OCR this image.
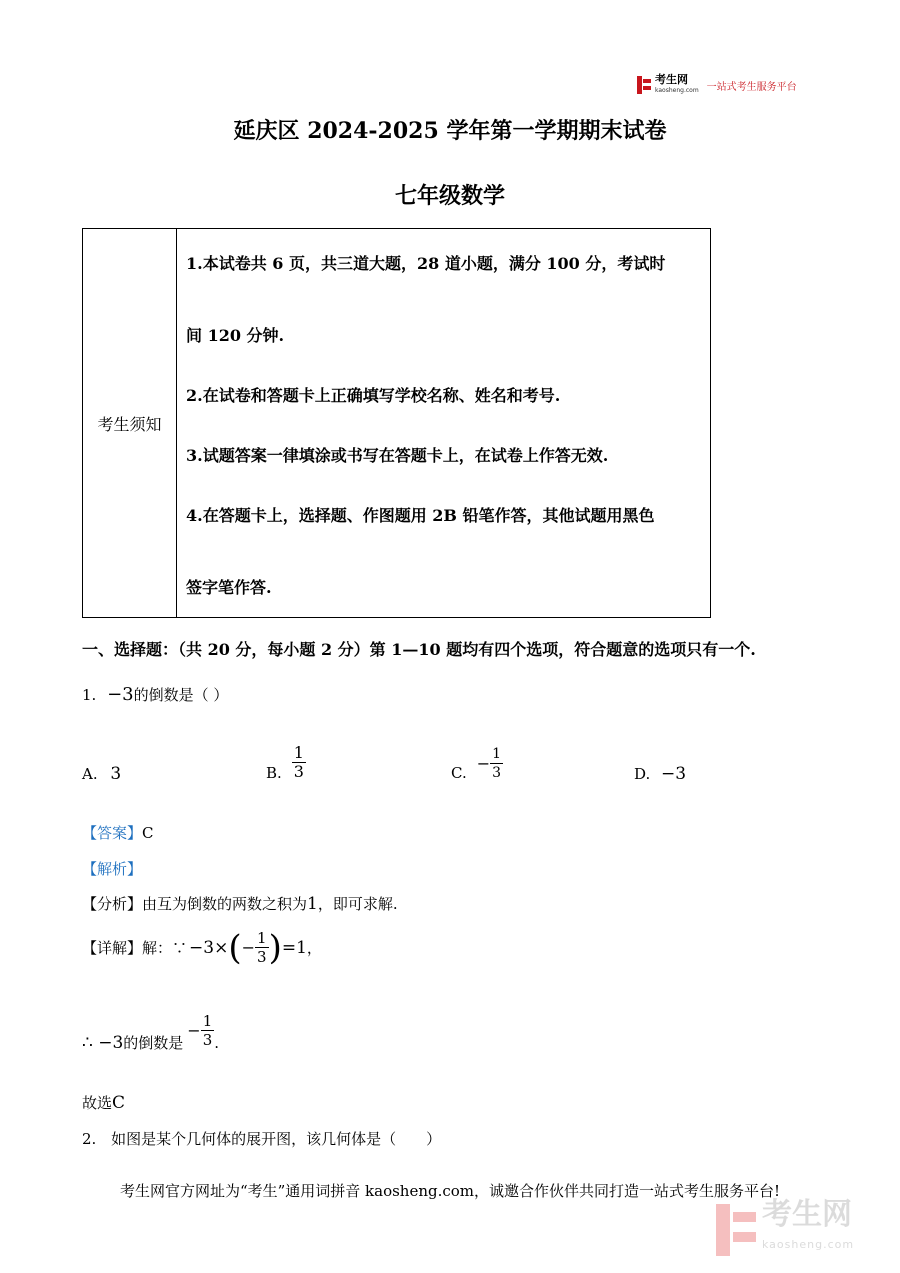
考生网
kaosheng.com 一站式考生服务平台
延庆区 2024-2025 学年第一学期期末试卷
七年级数学
考生须知
1.本试卷共 6 页，共三道大题，28 道小题，满分 100 分，考试时
间 120 分钟.
2.在试卷和答题卡上正确填写学校名称、姓名和考号.
3.试题答案一律填涂或书写在答题卡上，在试卷上作答无效.
4.在答题卡上，选择题、作图题用 2B 铅笔作答，其他试题用黑色
签字笔作答.
一、选择题：（共 20 分，每小题 2 分）第 1—10 题均有四个选项，符合题意的选项只有一个.
1. −3的倒数是（ ）
A. 3	B. $\frac{1}{3}$	C.
− $\frac{1}{3}$	D. −3
【答案】C
【解析】
【分析】由互为倒数的两数之积为1，即可求解.
【详解】 解：∵ −3× ( − $\frac{1}{3}$ ) =1 ，
∴ −3 的倒数是
− $\frac{1}{3}$ .
故选C
2. 如图是某个几何体的展开图，该几何体是（　　）
考生网官方网址为“考生”通用词拼音 kaosheng.com，诚邀合作伙伴共同打造一站式考生服务平台!
考生网
kaosheng.com
